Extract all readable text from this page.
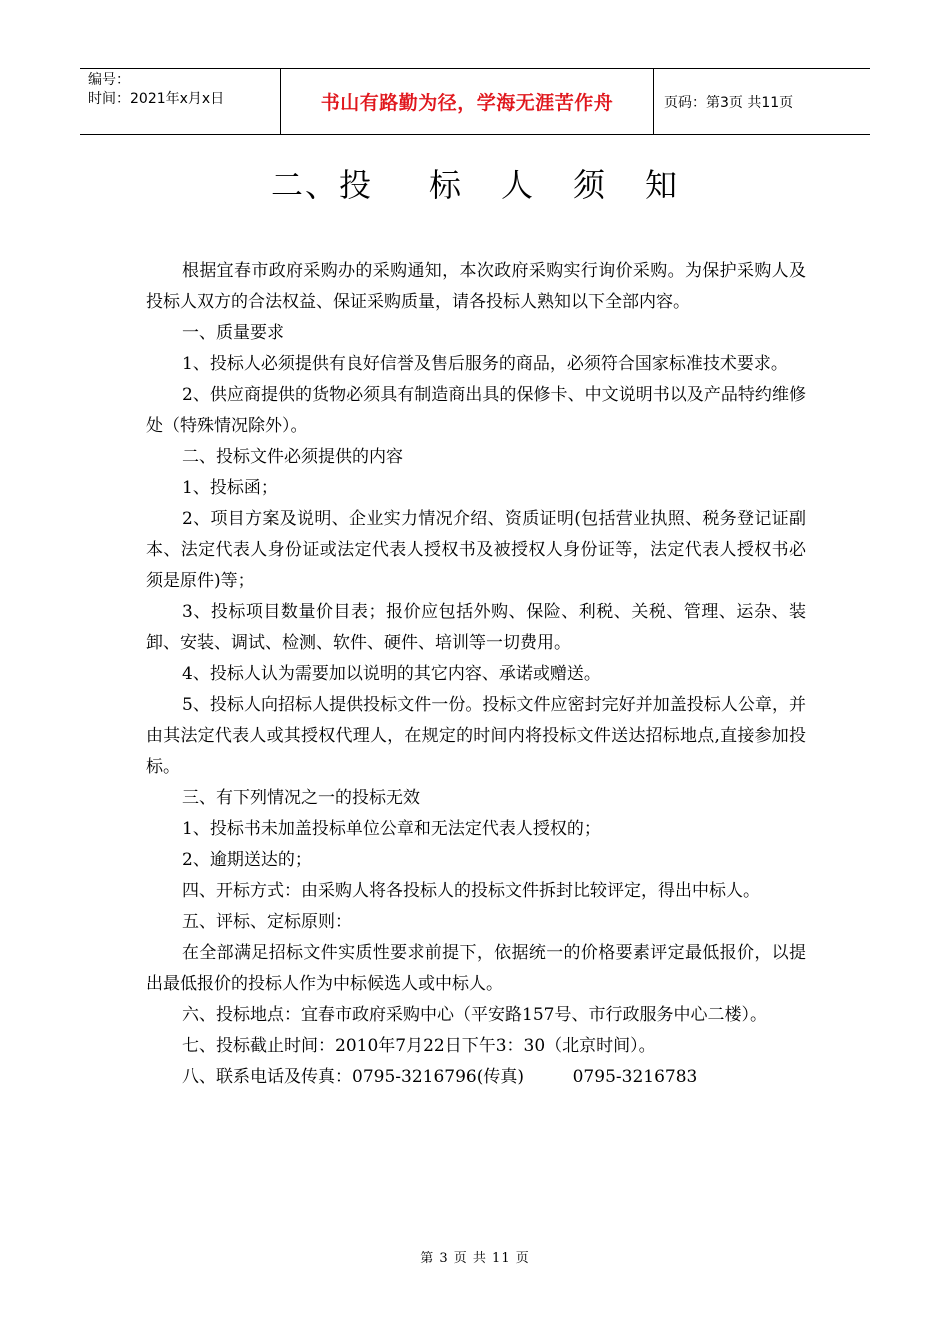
编号：
时间：2021年x月x日	书山有路勤为径，学海无涯苦作舟	页码：第3页 共11页
二、投 标 人 须 知

根据宜春市政府采购办的采购通知，本次政府采购实行询价采购。为保护采购人及投标人双方的合法权益、保证采购质量，请各投标人熟知以下全部内容。

一、质量要求

1、投标人必须提供有良好信誉及售后服务的商品，必须符合国家标准技术要求。

2、供应商提供的货物必须具有制造商出具的保修卡、中文说明书以及产品特约维修处（特殊情况除外）。

二、投标文件必须提供的内容

1、投标函；

2、项目方案及说明、企业实力情况介绍、资质证明(包括营业执照、税务登记证副本、法定代表人身份证或法定代表人授权书及被授权人身份证等，法定代表人授权书必须是原件)等；

3、投标项目数量价目表；报价应包括外购、保险、利税、关税、管理、运杂、装卸、安装、调试、检测、软件、硬件、培训等一切费用。

4、投标人认为需要加以说明的其它内容、承诺或赠送。

5、投标人向招标人提供投标文件一份。投标文件应密封完好并加盖投标人公章，并由其法定代表人或其授权代理人，在规定的时间内将投标文件送达招标地点,直接参加投标。

三、有下列情况之一的投标无效

1、投标书未加盖投标单位公章和无法定代表人授权的；

2、逾期送达的；

四、开标方式：由采购人将各投标人的投标文件拆封比较评定，得出中标人。

五、评标、定标原则：

在全部满足招标文件实质性要求前提下，依据统一的价格要素评定最低报价，以提出最低报价的投标人作为中标候选人或中标人。

六、投标地点：宜春市政府采购中心（平安路157号、市行政服务中心二楼）。

七、投标截止时间：2010年7月22日下午3：30（北京时间）。

八、联系电话及传真：0795-3216796(传真)         0795-3216783

第 3 页 共 11 页
